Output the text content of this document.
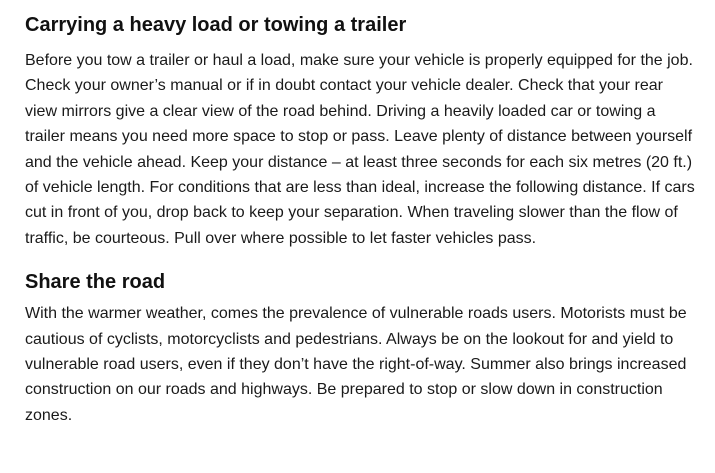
Carrying a heavy load or towing a trailer

Before you tow a trailer or haul a load, make sure your vehicle is properly equipped for the job. Check your owner’s manual or if in doubt contact your vehicle dealer. Check that your rear view mirrors give a clear view of the road behind. Driving a heavily loaded car or towing a trailer means you need more space to stop or pass. Leave plenty of distance between yourself and the vehicle ahead. Keep your distance – at least three seconds for each six metres (20 ft.) of vehicle length. For conditions that are less than ideal, increase the following distance. If cars cut in front of you, drop back to keep your separation. When traveling slower than the flow of traffic, be courteous. Pull over where possible to let faster vehicles pass.

Share the road

With the warmer weather, comes the prevalence of vulnerable roads users. Motorists must be cautious of cyclists, motorcyclists and pedestrians. Always be on the lookout for and yield to vulnerable road users, even if they don’t have the right-of-way. Summer also brings increased construction on our roads and highways. Be prepared to stop or slow down in construction zones.
